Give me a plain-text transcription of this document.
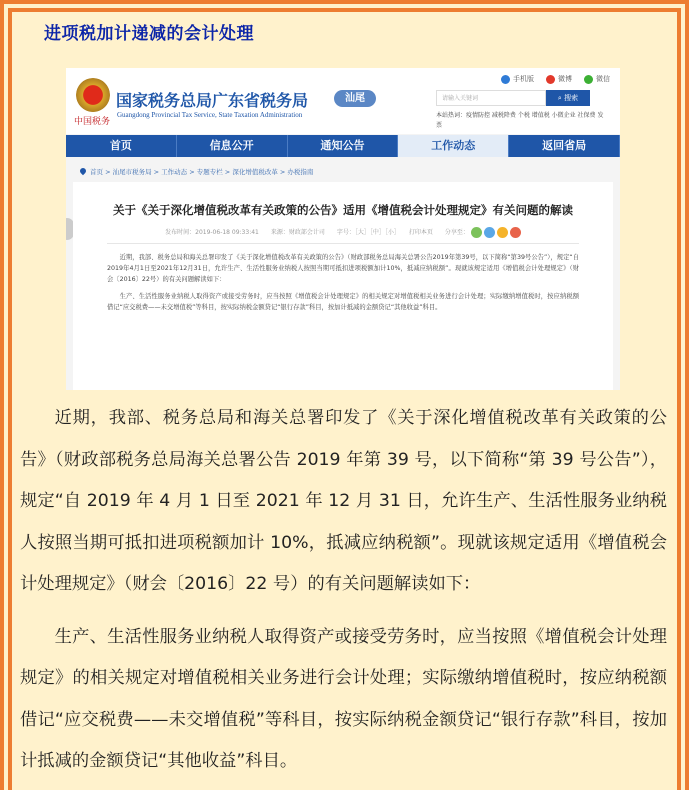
进项税加计递减的会计处理
中国税务
国家税务总局广东省税务局
Guangdong Provincial Tax Service, State Taxation Administration
汕尾
手机版	微博	微信
请输入关键词	⌕ 搜索
本站热词：疫情防控 减税降费 个税 增值税 小微企业 社保费 发票
首页	信息公开	通知公告	工作动态	返回省局
首页 > 汕尾市税务局 > 工作动态 > 专题专栏 > 深化增值税改革 > 办税指南
关于《关于深化增值税改革有关政策的公告》适用《增值税会计处理规定》有关问题的解读
发布时间：2019-06-18 09:33:41　　来源：财政部会计司　　字号：［大］［中］［小］　　打印本页　　分享至：

近期，我部、税务总局和海关总署印发了《关于深化增值税改革有关政策的公告》（财政部税务总局海关总署公告2019年第39号，以下简称“第39号公告”），规定“自2019年4月1日至2021年12月31日，允许生产、生活性服务业纳税人按照当期可抵扣进项税额加计10%，抵减应纳税额”。现就该规定适用《增值税会计处理规定》（财会〔2016〕22号）的有关问题解读如下：

生产、生活性服务业纳税人取得资产或接受劳务时，应当按照《增值税会计处理规定》的相关规定对增值税相关业务进行会计处理；实际缴纳增值税时，按应纳税额借记“应交税费——未交增值税”等科目，按实际纳税金额贷记“银行存款”科目，按加计抵减的金额贷记“其他收益”科目。

近期，我部、税务总局和海关总署印发了《关于深化增值税改革有关政策的公告》（财政部税务总局海关总署公告 2019 年第 39 号，以下简称“第 39 号公告”），规定“自 2019 年 4 月 1 日至 2021 年 12 月 31 日，允许生产、生活性服务业纳税人按照当期可抵扣进项税额加计 10%，抵减应纳税额”。现就该规定适用《增值税会计处理规定》（财会〔2016〕22 号）的有关问题解读如下：

生产、生活性服务业纳税人取得资产或接受劳务时，应当按照《增值税会计处理规定》的相关规定对增值税相关业务进行会计处理；实际缴纳增值税时，按应纳税额借记“应交税费——未交增值税”等科目，按实际纳税金额贷记“银行存款”科目，按加计抵减的金额贷记“其他收益”科目。
